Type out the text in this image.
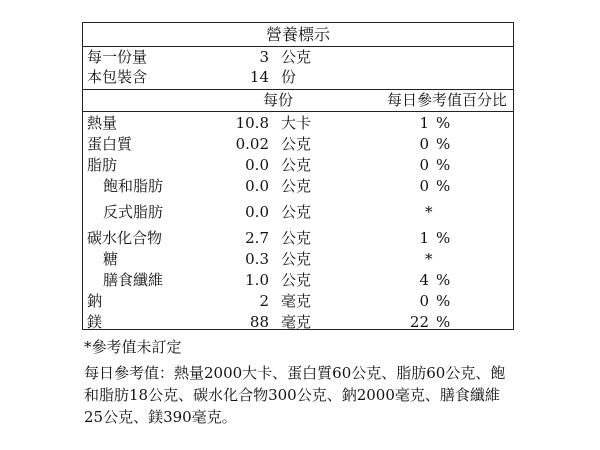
營養標示
每一份量	3 公克
本包裝含	14 份
每份	每日參考值百分比
熱量	10.8 大卡	1 %
蛋白質	0.02 公克	0 %
脂肪	0.0 公克	0 %
飽和脂肪	0.0 公克	0 %
反式脂肪	0.0 公克	*
碳水化合物	2.7 公克	1 %
糖	0.3 公克	*
膳食纖維	1.0 公克	4 %
鈉	2 毫克	0 %
鎂	88 毫克	22 %

*參考值未訂定

每日參考值：熱量2000大卡、蛋白質60公克、脂肪60公克、飽和脂肪18公克、碳水化合物300公克、鈉2000毫克、膳食纖維25公克、鎂390毫克。
